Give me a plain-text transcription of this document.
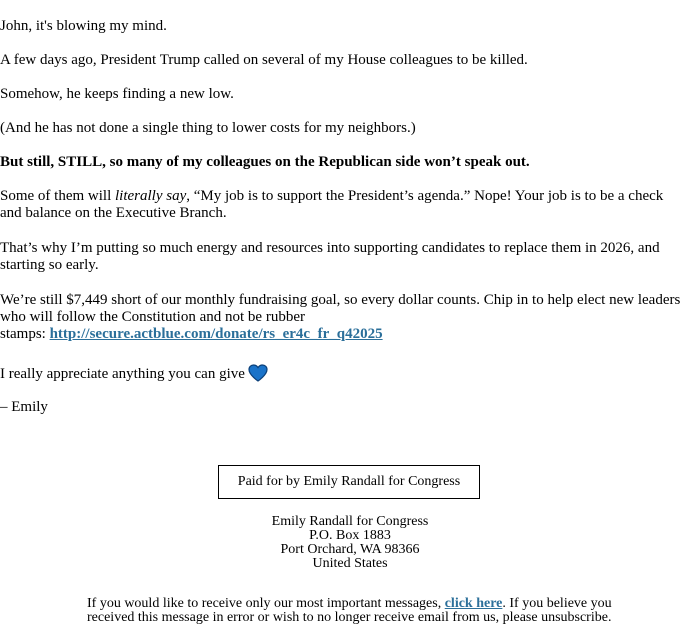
John, it's blowing my mind.

A few days ago, President Trump called on several of my House colleagues to be killed.

Somehow, he keeps finding a new low.

(And he has not done a single thing to lower costs for my neighbors.)

But still, STILL, so many of my colleagues on the Republican side won’t speak out.

Some of them will literally say, “My job is to support the President’s agenda.” Nope! Your job is to be a check and balance on the Executive Branch.

That’s why I’m putting so much energy and resources into supporting candidates to replace them in 2026, and starting so early.

We’re still $7,449 short of our monthly fundraising goal, so every dollar counts. Chip in to help elect new leaders who will follow the Constitution and not be rubber
stamps: http://secure.actblue.com/donate/rs_er4c_fr_q42025

I really appreciate anything you can give

– Emily

Paid for by Emily Randall for Congress
Emily Randall for Congress
P.O. Box 1883
Port Orchard, WA 98366
United States
If you would like to receive only our most important messages, click here. If you believe you received this message in error or wish to no longer receive email from us, please unsubscribe.
